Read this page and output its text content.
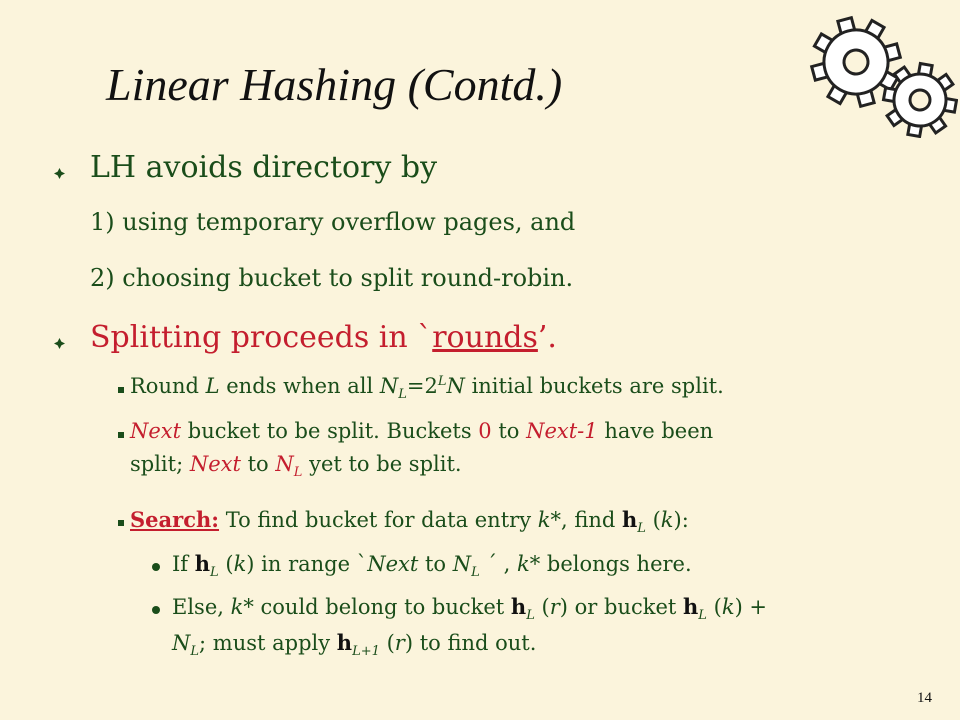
Linear Hashing (Contd.)
LH avoids directory by
1) using temporary overflow pages, and
2) choosing bucket to split round-robin.
Splitting proceeds in `rounds’.
Round L ends when all $N_L=2^LN$ initial buckets are split.
Next bucket to be split. Buckets 0 to Next-1 have been
split; Next to $N_L$ yet to be split.
Search: To find bucket for data entry k*, find $h_L$ (k):
If $h_L$ (k) in range `Next to $N_L$ ´ , k* belongs here.
Else, k* could belong to bucket $h_L$ (r) or bucket $h_L$ (k) +
$N_L$; must apply $h_{L+1}$ (r) to find out.
14
